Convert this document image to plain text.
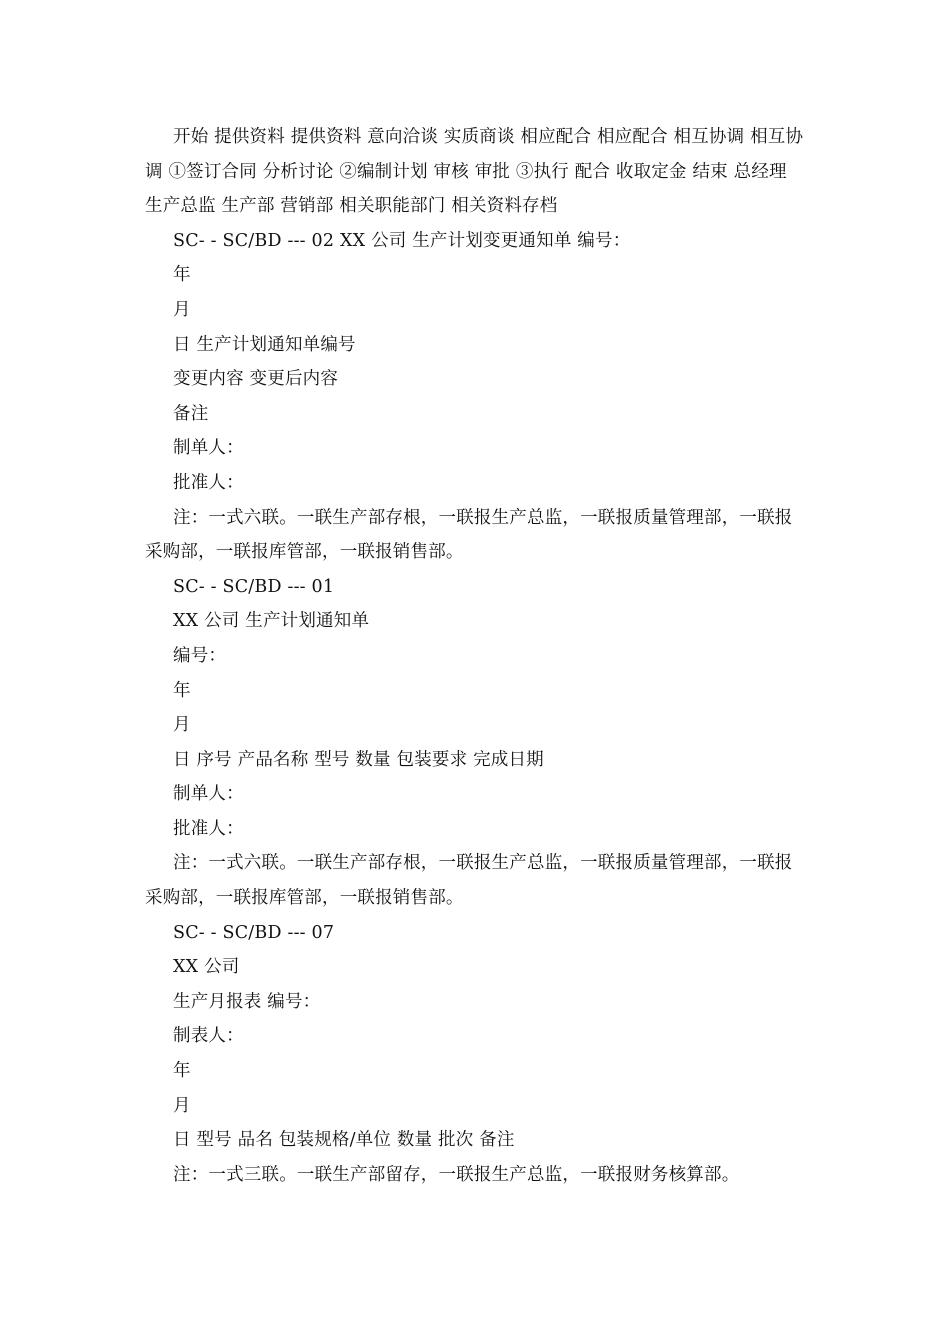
开始 提供资料 提供资料 意向洽谈 实质商谈 相应配合 相应配合 相互协调 相互协调 ①签订合同 分析讨论 ②编制计划 审核 审批 ③执行 配合 收取定金 结束 总经理 生产总监 生产部 营销部 相关职能部门 相关资料存档

SC- - SC/BD --- 02 XX 公司 生产计划变更通知单 编号：

年

月

日 生产计划通知单编号

变更内容 变更后内容

备注

制单人：

批准人：

注：一式六联。一联生产部存根，一联报生产总监，一联报质量管理部，一联报采购部，一联报库管部，一联报销售部。

SC- - SC/BD --- 01

XX 公司 生产计划通知单

编号：

年

月

日 序号 产品名称 型号 数量 包装要求 完成日期

制单人：

批准人：

注：一式六联。一联生产部存根，一联报生产总监，一联报质量管理部，一联报采购部，一联报库管部，一联报销售部。

SC- - SC/BD --- 07

XX 公司

生产月报表 编号：

制表人：

年

月

日 型号 品名 包装规格/单位 数量 批次 备注

注：一式三联。一联生产部留存，一联报生产总监，一联报财务核算部。
